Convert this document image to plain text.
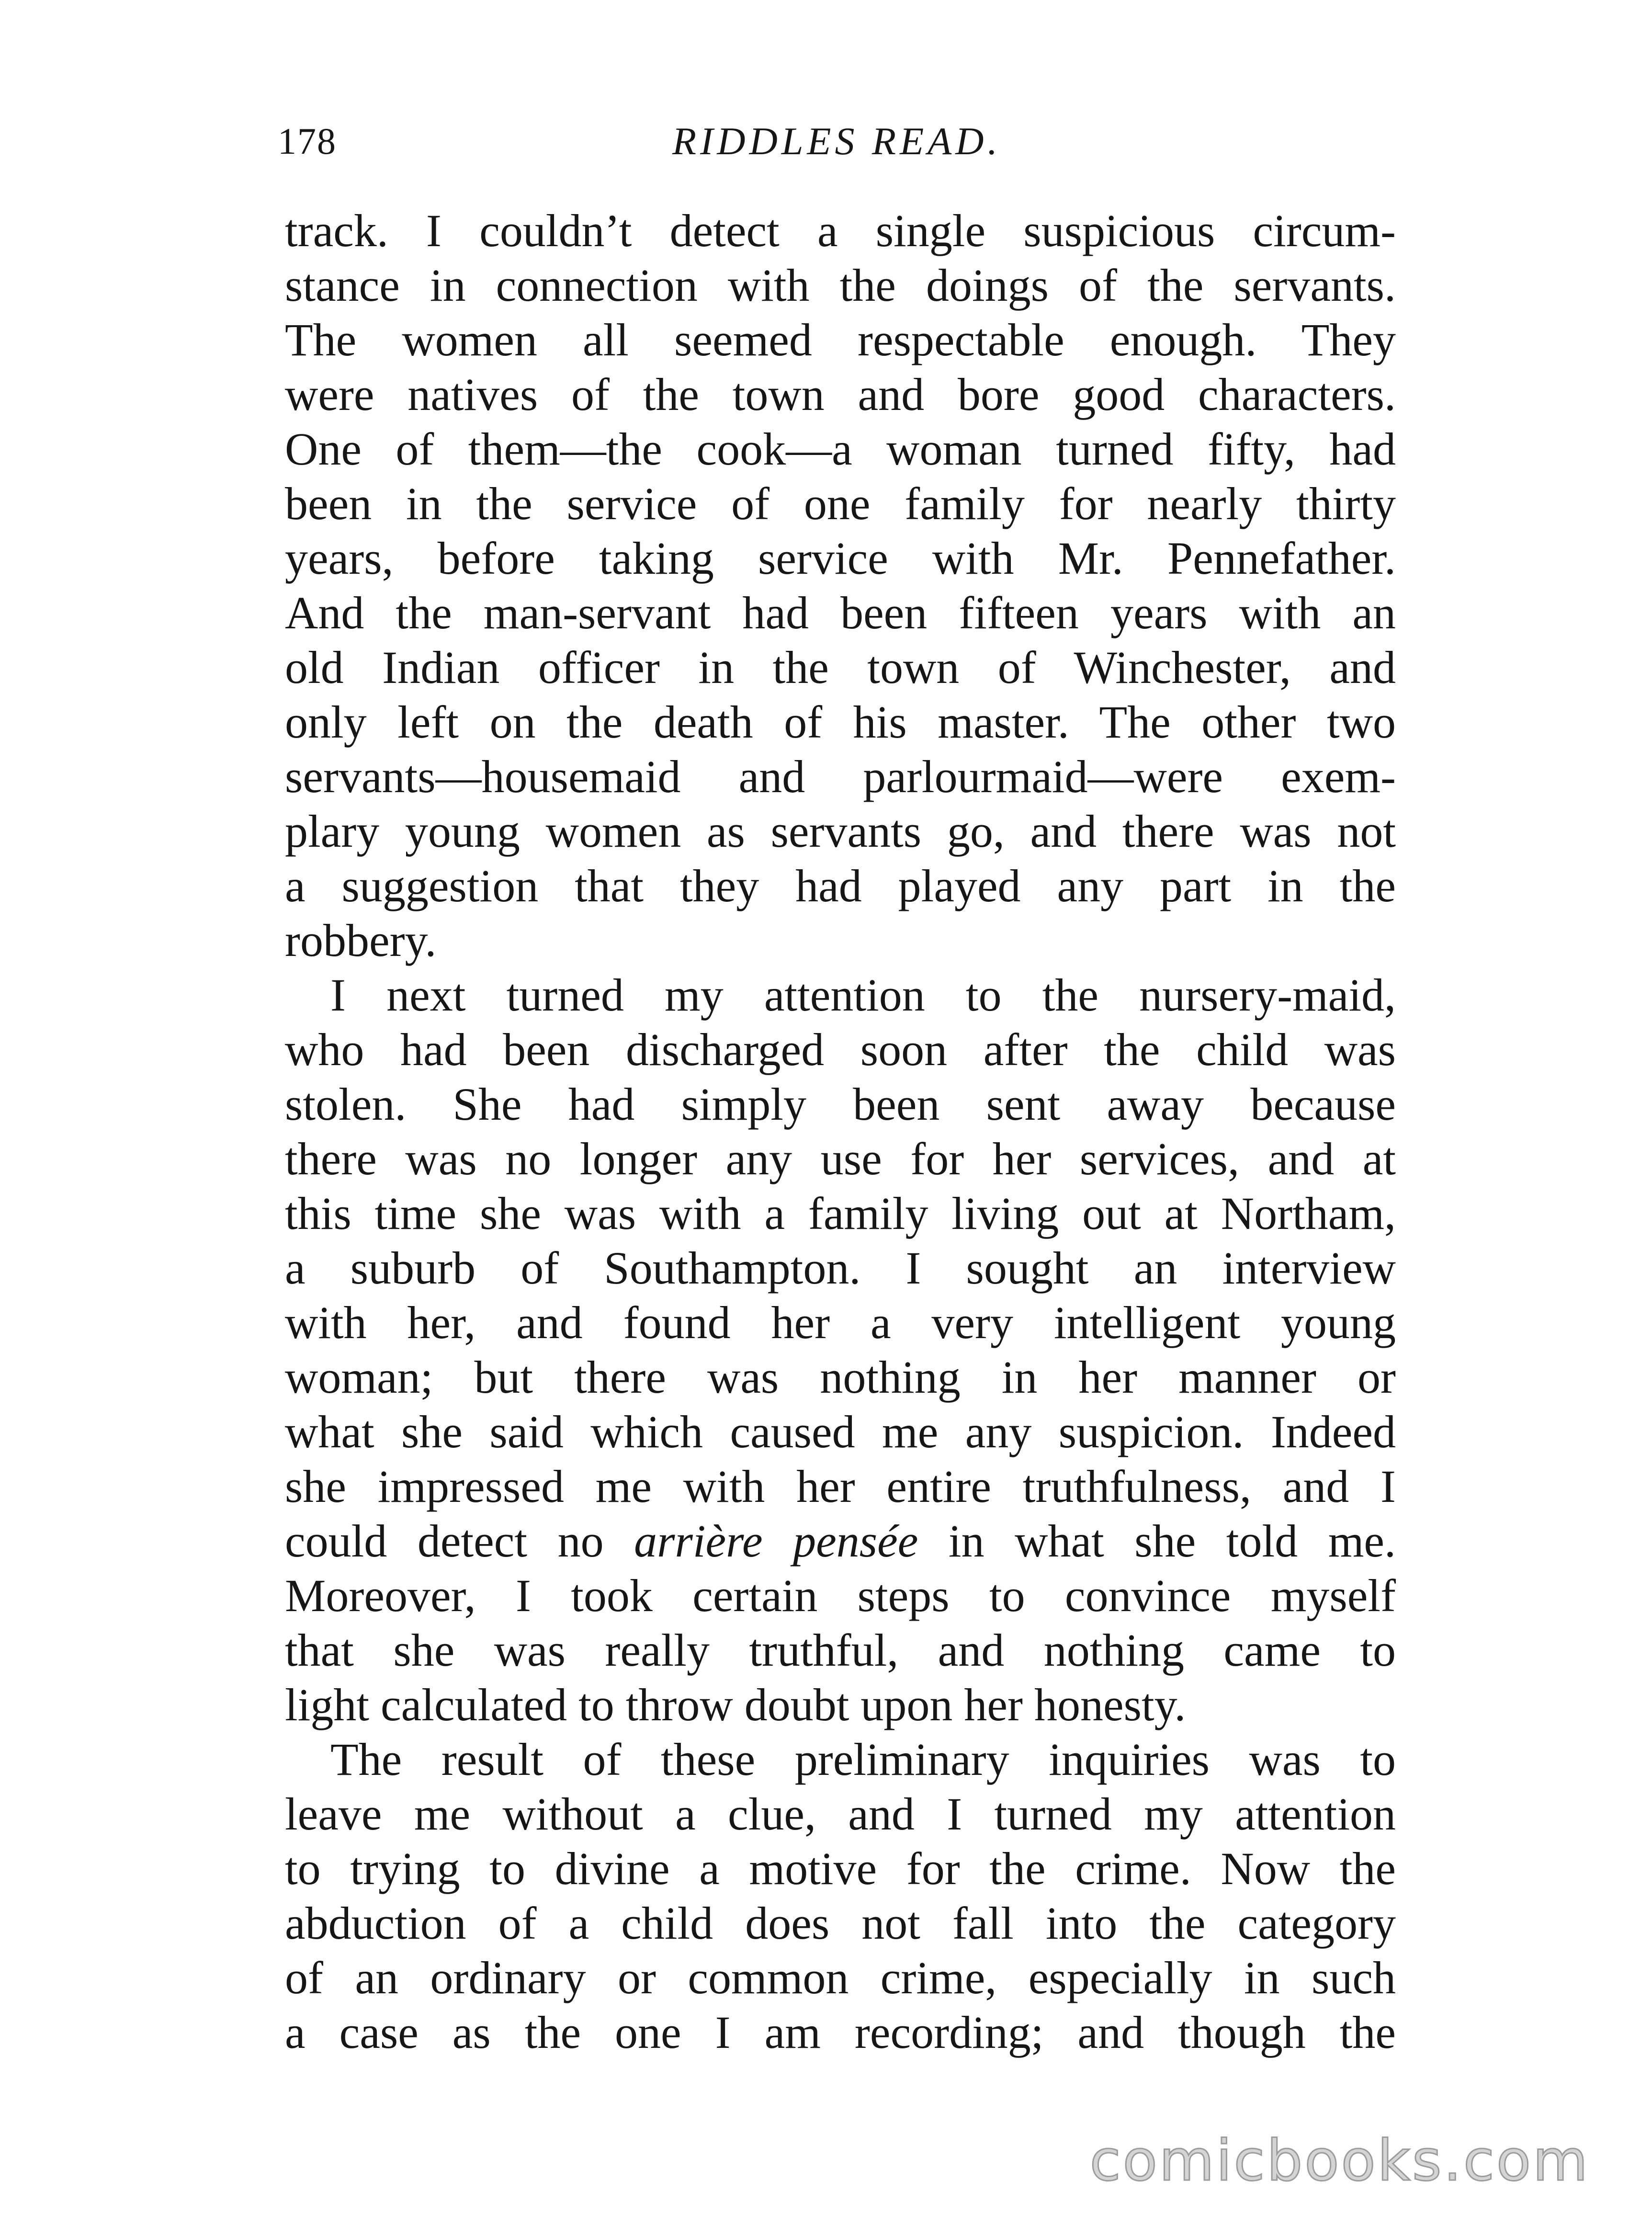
178	RIDDLES READ.

track. I couldn’t detect a single suspicious circum-
stance in connection with the doings of the servants.
The women all seemed respectable enough. They
were natives of the town and bore good characters.
One of them—the cook—a woman turned fifty, had
been in the service of one family for nearly thirty
years, before taking service with Mr. Pennefather.
And the man-servant had been fifteen years with an
old Indian officer in the town of Winchester, and
only left on the death of his master. The other two
servants—housemaid and parlourmaid—were exem-
plary young women as servants go, and there was not
a suggestion that they had played any part in the
robbery.

I next turned my attention to the nursery-maid,
who had been discharged soon after the child was
stolen. She had simply been sent away because
there was no longer any use for her services, and at
this time she was with a family living out at Northam,
a suburb of Southampton. I sought an interview
with her, and found her a very intelligent young
woman; but there was nothing in her manner or
what she said which caused me any suspicion. Indeed
she impressed me with her entire truthfulness, and I
could detect no arrière pensée in what she told me.
Moreover, I took certain steps to convince myself
that she was really truthful, and nothing came to
light calculated to throw doubt upon her honesty.

The result of these preliminary inquiries was to
leave me without a clue, and I turned my attention
to trying to divine a motive for the crime. Now the
abduction of a child does not fall into the category
of an ordinary or common crime, especially in such
a case as the one I am recording; and though the

comicbooks.com
